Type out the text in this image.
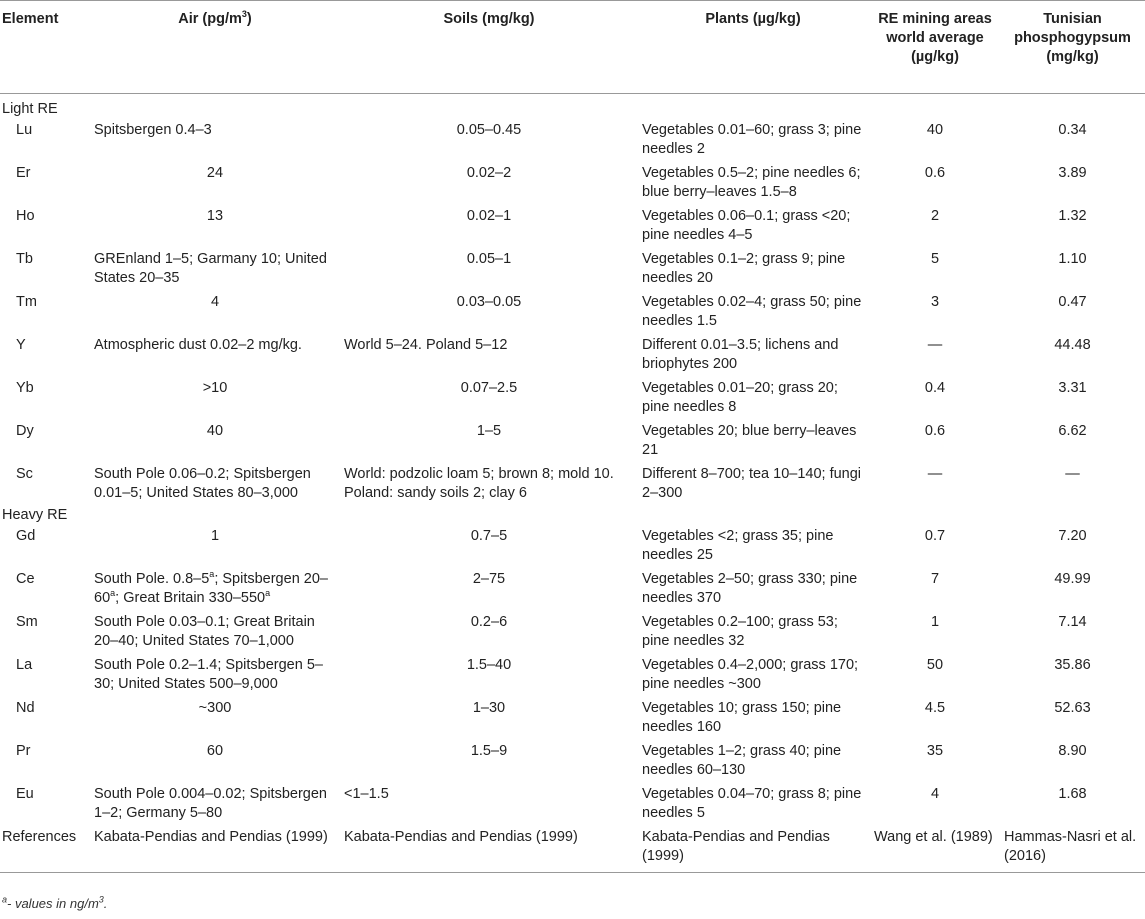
Element	Air $(pg/m^3)$	Soils (mg/kg)	Plants (µg/kg)	RE mining areas world average (µg/kg)	Tunisian phosphogypsum (mg/kg)
Light RE					
Lu	Spitsbergen 0.4–3	0.05–0.45	Vegetables 0.01–60; grass 3; pine needles 2	40	0.34
Er	24	0.02–2	Vegetables 0.5–2; pine needles 6; blue berry–leaves 1.5–8	0.6	3.89
Ho	13	0.02–1	Vegetables 0.06–0.1; grass <20; pine needles 4–5	2	1.32
Tb	GREnland 1–5; Garmany 10; United States 20–35	0.05–1	Vegetables 0.1–2; grass 9; pine needles 20	5	1.10
Tm	4	0.03–0.05	Vegetables 0.02–4; grass 50; pine needles 1.5	3	0.47
Y	Atmospheric dust 0.02–2 mg/kg.	World 5–24. Poland 5–12	Different 0.01–3.5; lichens and briophytes 200	—	44.48
Yb	>10	0.07–2.5	Vegetables 0.01–20; grass 20; pine needles 8	0.4	3.31
Dy	40	1–5	Vegetables 20; blue berry–leaves 21	0.6	6.62
Sc	South Pole 0.06–0.2; Spitsbergen 0.01–5; United States 80–3,000	World: podzolic loam 5; brown 8; mold 10. Poland: sandy soils 2; clay 6	Different 8–700; tea 10–140; fungi 2–300	—	—
Heavy RE					
Gd	1	0.7–5	Vegetables <2; grass 35; pine needles 25	0.7	7.20
Ce	South Pole. 0.8–5$^a$; Spitsbergen 20–60$^a$; Great Britain 330–550$^a$	2–75	Vegetables 2–50; grass 330; pine needles 370	7	49.99
Sm	South Pole 0.03–0.1; Great Britain 20–40; United States 70–1,000	0.2–6	Vegetables 0.2–100; grass 53; pine needles 32	1	7.14
La	South Pole 0.2–1.4; Spitsbergen 5–30; United States 500–9,000	1.5–40	Vegetables 0.4–2,000; grass 170; pine needles ~300	50	35.86
Nd	~300	1–30	Vegetables 10; grass 150; pine needles 160	4.5	52.63
Pr	60	1.5–9	Vegetables 1–2; grass 40; pine needles 60–130	35	8.90
Eu	South Pole 0.004–0.02; Spitsbergen 1–2; Germany 5–80	<1–1.5	Vegetables 0.04–70; grass 8; pine needles 5	4	1.68
References	Kabata-Pendias and Pendias (1999)	Kabata-Pendias and Pendias (1999)	Kabata-Pendias and Pendias (1999)	Wang et al. (1989)	Hammas-Nasri et al. (2016)
$^a$- values in $ng/m^3$.
